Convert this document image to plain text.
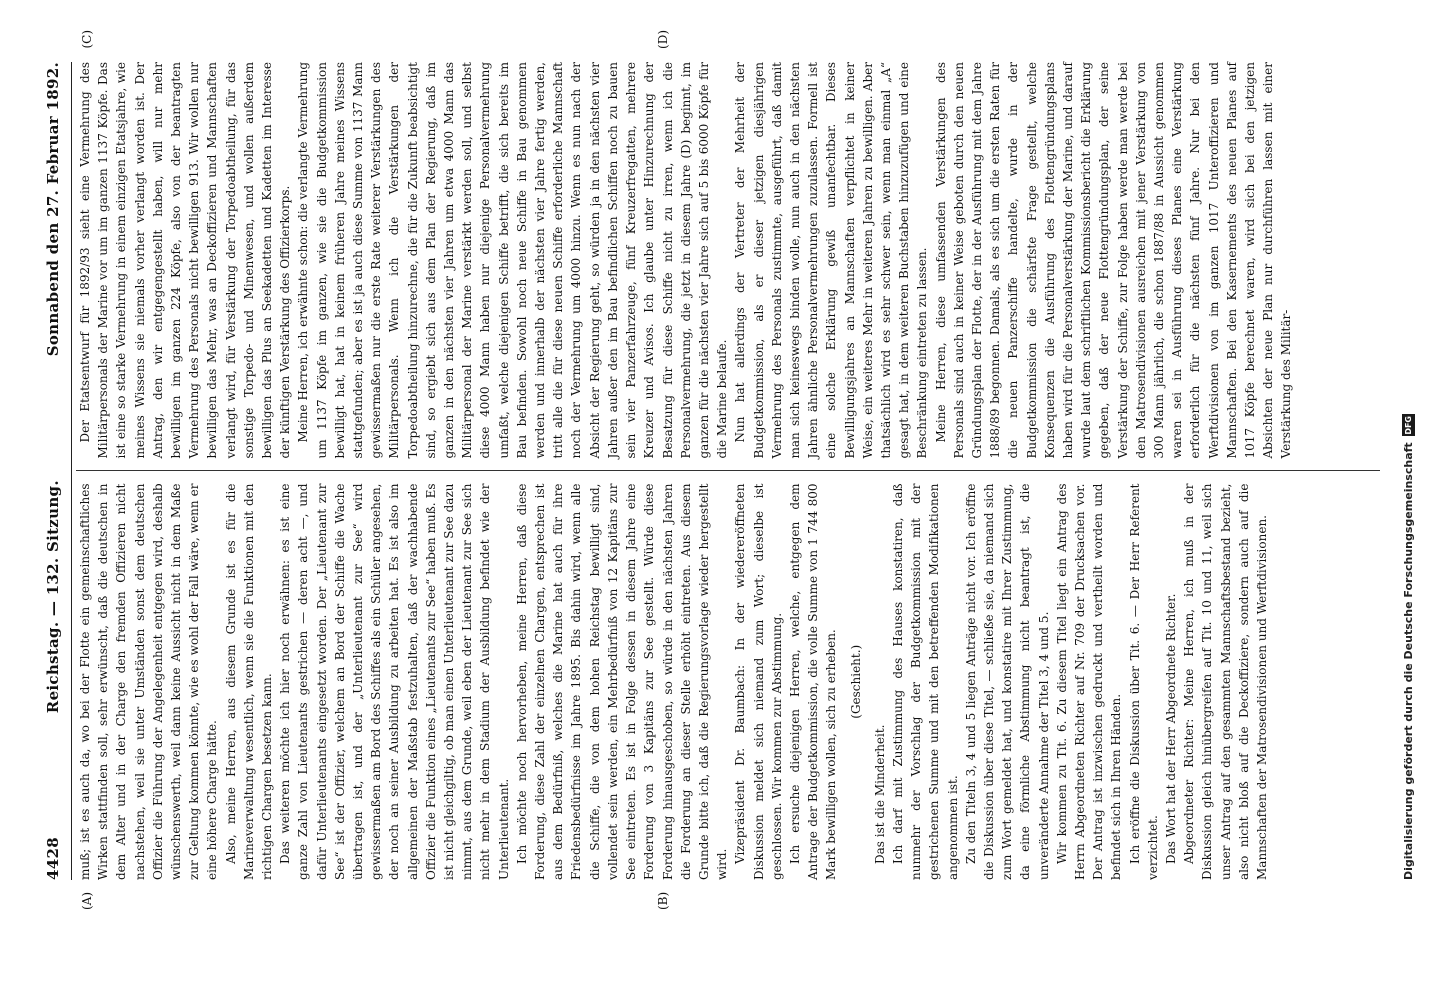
4428
Reichstag. — 132. Sitzung.
Sonnabend den 27. Februar 1892.
(A)	(B)

muß; ist es auch da, wo bei der Flotte ein gemeinschaftliches Wirken stattfinden soll, sehr erwünscht, daß die deutschen in dem Alter und in der Charge den fremden Offizieren nicht nachstehen, weil sie unter Umständen sonst dem deutschen Offizier die Führung der Angelegenheit entgegen wird, deshalb wünschenswerth, weil dann keine Aussicht nicht in dem Maße zur Geltung kommen könnte, wie es wohl der Fall wäre, wenn er eine höhere Charge hätte. Also, meine Herren, aus diesem Grunde ist es für die Marineverwaltung wesentlich, wenn sie die Funktionen mit den richtigen Chargen besetzen kann. Das weiteren möchte ich hier noch erwähnen: es ist eine ganze Zahl von Lieutenants gestrichen — deren acht —, und dafür Unterlieutenants eingesetzt worden. Der „Lieutenant zur See“ ist der Offizier, welchem an Bord der Schiffe die Wache übertragen ist, und der „Unterlieutenant zur See“ wird gewissermaßen am Bord des Schiffes als ein Schüler angesehen, der noch an seiner Ausbildung zu arbeiten hat. Es ist also im allgemeinen der Maßstab festzuhalten, daß der wachhabende Offizier die Funktion eines „Lieutenants zur See“ haben muß. Es ist nicht gleichgiltig, ob man einen Unterlieutenant zur See dazu nimmt, aus dem Grunde, weil eben der Lieutenant zur See sich nicht mehr in dem Stadium der Ausbildung befindet wie der Unterlieutenant. Ich möchte noch hervorheben, meine Herren, daß diese Forderung, diese Zahl der einzelnen Chargen, entsprechen ist aus dem Bedürfniß, welches die Marine hat auch für ihre Friedensbedürfnisse im Jahre 1895. Bis dahin wird, wenn alle die Schiffe, die von dem hohen Reichstag bewilligt sind, vollendet sein werden, ein Mehrbedürfniß von 12 Kapitäns zur See eintreten. Es ist in Folge dessen in diesem Jahre eine Forderung von 3 Kapitäns zur See gestellt. Würde diese Forderung hinausgeschoben, so würde in den nächsten Jahren die Forderung an dieser Stelle erhöht eintreten. Aus diesem Grunde bitte ich, daß die Regierungsvorlage wieder hergestellt wird.

Vizepräsident Dr. Baumbach: In der wiedereröffneten Diskussion meldet sich niemand zum Wort; dieselbe ist geschlossen. Wir kommen zur Abstimmung. Ich ersuche diejenigen Herren, welche, entgegen dem Antrage der Budgetkommission, die volle Summe von 1 744 800 Mark bewilligen wollen, sich zu erheben. (Geschieht.)

Das ist die Minderheit. Ich darf mit Zustimmung des Hauses konstatiren, daß nunmehr der Vorschlag der Budgetkommission mit der gestrichenen Summe und mit den betreffenden Modifikationen angenommen ist. Zu den Titeln 3, 4 und 5 liegen Anträge nicht vor. Ich eröffne die Diskussion über diese Titel, — schließe sie, da niemand sich zum Wort gemeldet hat, und konstatire mit Ihrer Zustimmung, da eine förmliche Abstimmung nicht beantragt ist, die unveränderte Annahme der Titel 3, 4 und 5. Wir kommen zu Tit. 6. Zu diesem Titel liegt ein Antrag des Herrn Abgeordneten Richter auf Nr. 709 der Drucksachen vor. Der Antrag ist inzwischen gedruckt und vertheilt worden und befindet sich in Ihren Händen. Ich eröffne die Diskussion über Tit. 6. — Der Herr Referent verzichtet. Das Wort hat der Herr Abgeordnete Richter. Abgeordneter Richter: Meine Herren, ich muß in der Diskussion gleich hinübergreifen auf Tit. 10 und 11, weil sich unser Antrag auf den gesammten Mannschaftsbestand bezieht, also nicht bloß auf die Deckoffiziere, sondern auch auf die Mannschaften der Matrosendivisionen und Werftdivisionen.

(C)	(D)

Der Etatsentwurf für 1892/93 sieht eine Vermehrung des Militärpersonals der Marine vor um im ganzen 1137 Köpfe. Das ist eine so starke Vermehrung in einem einzigen Etatsjahre, wie meines Wissens sie niemals vorher verlangt worden ist. Der Antrag, den wir entgegengestellt haben, will nur mehr bewilligen im ganzen 224 Köpfe, also von der beantragten Vermehrung des Personals nicht bewilligen 913. Wir wollen nur bewilligen das Mehr, was an Deckoffizieren und Mannschaften verlangt wird, für Verstärkung der Torpedoabtheilung, für das sonstige Torpedo- und Minenwesen, und wollen außerdem bewilligen das Plus an Seekadetten und Kadetten im Interesse der künftigen Verstärkung des Offizierkorps. Meine Herren, ich erwähnte schon: die verlangte Vermehrung um 1137 Köpfe im ganzen, wie sie die Budgetkommission bewilligt hat, hat in keinem früheren Jahre meines Wissens stattgefunden; aber es ist ja auch diese Summe von 1137 Mann gewissermaßen nur die erste Rate weiterer Verstärkungen des Militärpersonals. Wenn ich die Verstärkungen der Torpedoabtheilung hinzurechne, die für die Zukunft beabsichtigt sind, so ergiebt sich aus dem Plan der Regierung, daß im ganzen in den nächsten vier Jahren um etwa 4000 Mann das Militärpersonal der Marine verstärkt werden soll, und selbst diese 4000 Mann haben nur diejenige Personalvermehrung umfaßt, welche diejenigen Schiffe betrifft, die sich bereits im Bau befinden. Sowohl noch neue Schiffe in Bau genommen werden und innerhalb der nächsten vier Jahre fertig werden, tritt alle die für diese neuen Schiffe erforderliche Mannschaft noch der Vermehrung um 4000 hinzu. Wenn es nun nach der Absicht der Regierung geht, so würden ja in den nächsten vier Jahren außer den im Bau befindlichen Schiffen noch zu bauen sein vier Panzerfahrzeuge, fünf Kreuzerfregatten, mehrere Kreuzer und Avisos. Ich glaube unter Hinzurechnung der Besatzung für diese Schiffe nicht zu irren, wenn ich die Personalvermehrung, die jetzt in diesem Jahre (D) beginnt, im ganzen für die nächsten vier Jahre sich auf 5 bis 6000 Köpfe für die Marine belaufe. Nun hat allerdings der Vertreter der Mehrheit der Budgetkommission, als er dieser jetzigen diesjährigen Vermehrung des Personals zustimmte, ausgeführt, daß damit man sich keineswegs binden wolle, nun auch in den nächsten Jahren ähnliche Personalvermehrungen zuzulassen. Formell ist eine solche Erklärung gewiß unanfechtbar. Dieses Bewilligungsjahres an Mannschaften verpflichtet in keiner Weise, ein weiteres Mehr in weiteren Jahren zu bewilligen. Aber thatsächlich wird es sehr schwer sein, wenn man einmal „A“ gesagt hat, in dem weiteren Buchstaben hinzuzufügen und eine Beschränkung eintreten zu lassen. Meine Herren, diese umfassenden Verstärkungen des Personals sind auch in keiner Weise geboten durch den neuen Gründungsplan der Flotte, der in der Ausführung mit dem Jahre 1888/89 begonnen. Damals, als es sich um die ersten Raten für die neuen Panzerschiffe handelte, wurde in der Budgetkommission die schärfste Frage gestellt, welche Konsequenzen die Ausführung des Flottengründungsplans haben wird für die Personalverstärkung der Marine, und darauf wurde laut dem schriftlichen Kommissionsbericht die Erklärung gegeben, daß der neue Flottengründungsplan, der seine Verstärkung der Schiffe, zur Folge haben werde man werde bei den Matrosendivisionen ausreichen mit jener Verstärkung von 300 Mann jährlich, die schon 1887/88 in Aussicht genommen waren sei in Ausführung dieses Planes eine Verstärkung erforderlich für die nächsten fünf Jahre. Nur bei den Werftdivisionen von im ganzen 1017 Unteroffizieren und Mannschaften. Bei den Kasernements des neuen Planes auf 1017 Köpfe berechnet waren, wird sich bei den jetzigen Absichten der neue Plan nur durchführen lassen mit einer Verstärkung des Militär-

Digitalisierung gefördert durch die Deutsche Forschungsgemeinschaft
DFG
